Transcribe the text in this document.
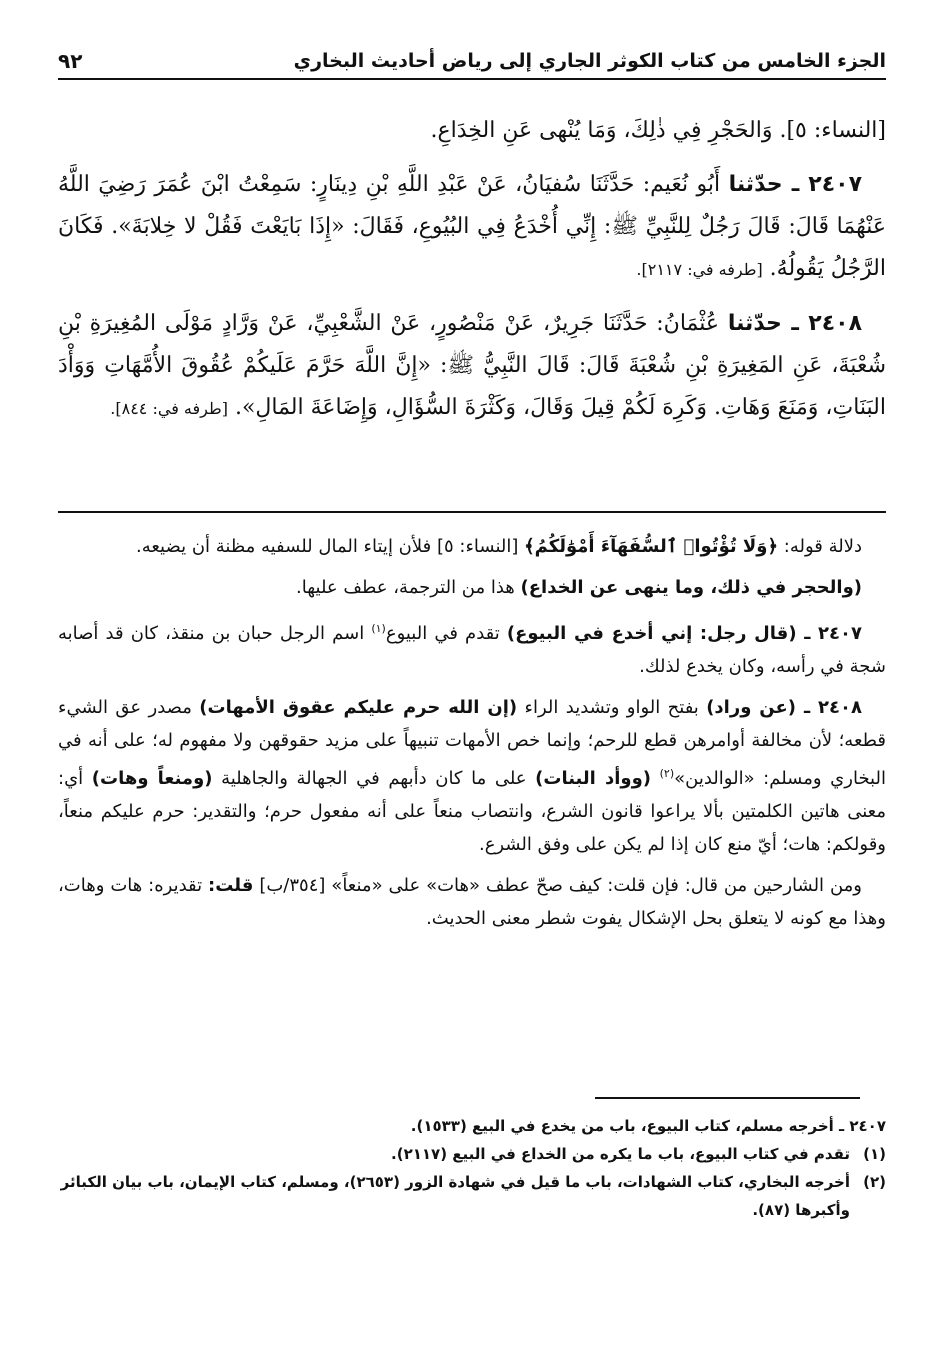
الجزء الخامس من كتاب الكوثر الجاري إلى رياض أحاديث البخاري
٩٢

[النساء: ٥]. وَالحَجْرِ فِي ذٰلِكَ، وَمَا يُنْهى عَنِ الخِدَاعِ.

٢٤٠٧ ـ حدّثنا أَبُو نُعَيم: حَدَّثَنَا سُفيَانُ، عَنْ عَبْدِ اللَّهِ بْنِ دِينَارٍ: سَمِعْتُ ابْنَ عُمَرَ رَضِيَ اللَّهُ عَنْهُمَا قَالَ: قَالَ رَجُلٌ لِلنَّبِيِّ ﷺ: إِنِّي أُخْدَعُ فِي البُيُوعِ، فَقَالَ: «إِذَا بَايَعْتَ فَقُلْ لا خِلابَةَ». فَكَانَ الرَّجُلُ يَقُولُهُ. [طرفه في: ٢١١٧].

٢٤٠٨ ـ حدّثنا عُثْمَانُ: حَدَّثَنَا جَرِيرٌ، عَنْ مَنْصُورٍ، عَنْ الشَّعْبِيِّ، عَنْ وَرَّادٍ مَوْلَى المُغِيرَةِ بْنِ شُعْبَةَ، عَنِ المَغِيرَةِ بْنِ شُعْبَةَ قَالَ: قَالَ النَّبِيُّ ﷺ: «إِنَّ اللَّهَ حَرَّمَ عَلَيكُمْ عُقُوقَ الأُمَّهَاتِ وَوَأْدَ البَنَاتِ، وَمَنَعَ وَهَاتِ. وَكَرِهَ لَكُمْ قِيلَ وَقَالَ، وَكَثْرَةَ السُّؤَالِ، وَإِضَاعَةَ المَالِ». [طرفه في: ٨٤٤].

دلالة قوله: ﴿وَلَا تُؤْتُوا۟ ٱلسُّفَهَآءَ أَمْوَٰلَكُمُ﴾ [النساء: ٥] فلأن إيتاء المال للسفيه مظنة أن يضيعه.

(والحجر في ذلك، وما ينهى عن الخداع) هذا من الترجمة، عطف عليها.

٢٤٠٧ ـ (قال رجل: إني أخدع في البيوع) تقدم في البيوع$^{(١)}$ اسم الرجل حبان بن منقذ، كان قد أصابه شجة في رأسه، وكان يخدع لذلك.

٢٤٠٨ ـ (عن وراد) بفتح الواو وتشديد الراء (إن الله حرم عليكم عقوق الأمهات) مصدر عق الشيء قطعه؛ لأن مخالفة أوامرهن قطع للرحم؛ وإنما خص الأمهات تنبيهاً على مزيد حقوقهن ولا مفهوم له؛ على أنه في البخاري ومسلم: «الوالدين»$^{(٢)}$ (ووأد البنات) على ما كان دأبهم في الجهالة والجاهلية (ومنعاً وهات) أي: معنى هاتين الكلمتين بألا يراعوا قانون الشرع، وانتصاب منعاً على أنه مفعول حرم؛ والتقدير: حرم عليكم منعاً، وقولكم: هات؛ أيّ منع كان إذا لم يكن على وفق الشرع.

ومن الشارحين من قال: فإن قلت: كيف صحّ عطف «هات» على «منعاً» [٣٥٤/ب] قلت: تقديره: هات وهات، وهذا مع كونه لا يتعلق بحل الإشكال يفوت شطر معنى الحديث.

٢٤٠٧ ـ أخرجه مسلم، كتاب البيوع، باب من يخدع في البيع (١٥٣٣).
(١)تقدم في كتاب البيوع، باب ما يكره من الخداع في البيع (٢١١٧).
(٢)أخرجه البخاري، كتاب الشهادات، باب ما قيل في شهادة الزور (٢٦٥٣)، ومسلم، كتاب الإيمان، باب بيان الكبائر وأكبرها (٨٧).
